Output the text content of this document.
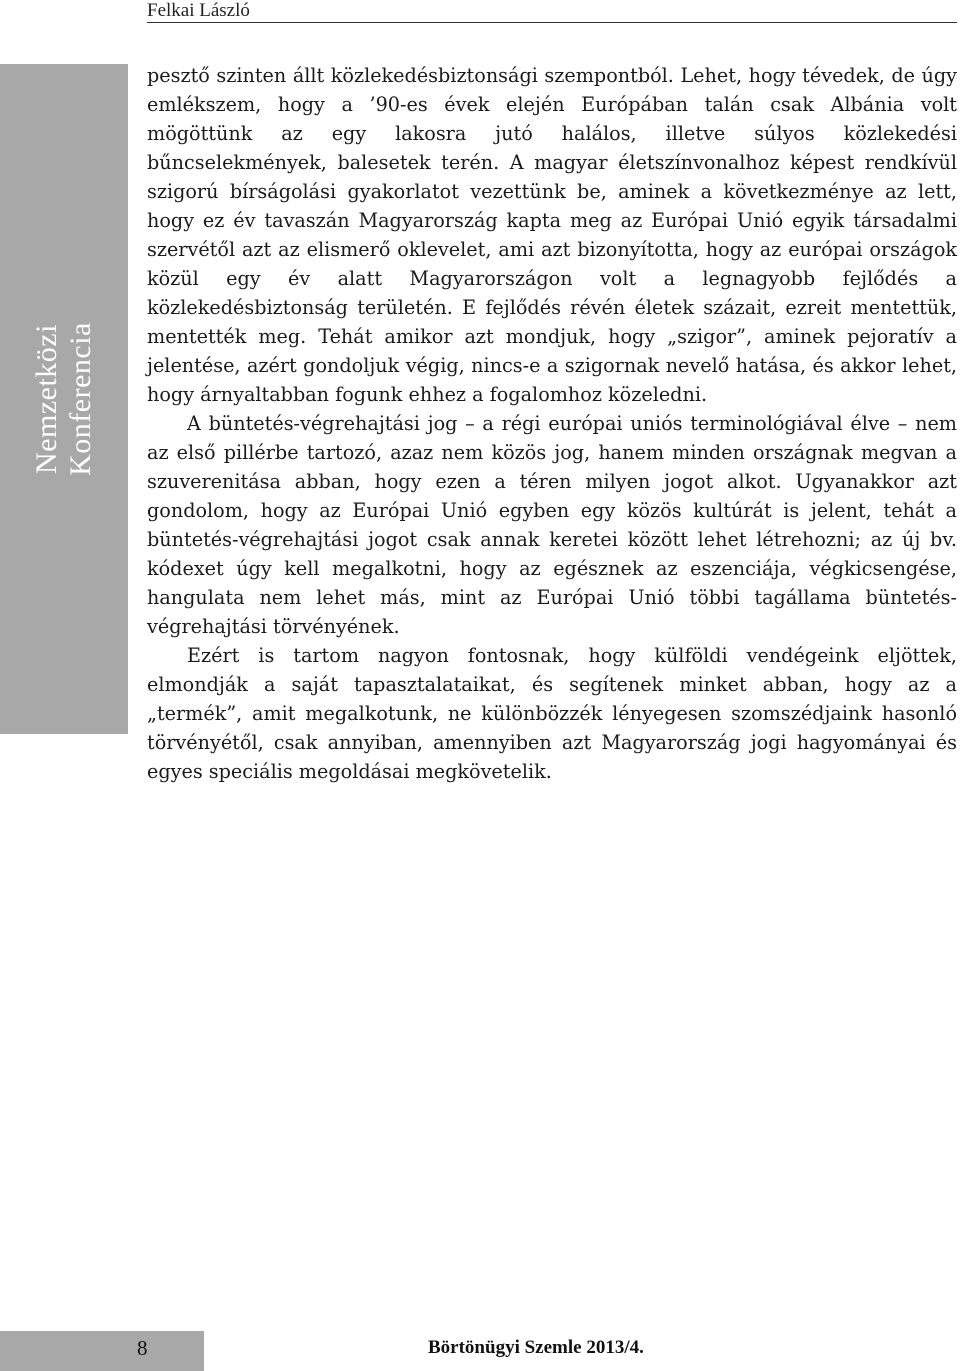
Felkai László
Nemzetközi Konferencia

pesztő szinten állt közlekedésbiztonsági szempontból. Lehet, hogy tévedek, de úgy emlékszem, hogy a ’90-es évek elején Európában talán csak Albánia volt mögöttünk az egy lakosra jutó halálos, illetve súlyos közlekedési bűncselekmények, balesetek terén. A magyar életszínvonalhoz képest rendkívül szigorú bírságolási gyakorlatot vezettünk be, aminek a következménye az lett, hogy ez év tavaszán Magyarország kapta meg az Európai Unió egyik társadalmi szervétől azt az elismerő oklevelet, ami azt bizonyította, hogy az európai országok közül egy év alatt Magyarországon volt a legnagyobb fejlődés a közlekedésbiztonság területén. E fejlődés révén életek százait, ezreit mentettük, mentették meg. Tehát amikor azt mondjuk, hogy „szigor”, aminek pejoratív a jelentése, azért gondoljuk végig, nincs-e a szigornak nevelő hatása, és akkor lehet, hogy árnyaltabban fogunk ehhez a fogalomhoz közeledni.

A büntetés-végrehajtási jog – a régi európai uniós terminológiával élve – nem az első pillérbe tartozó, azaz nem közös jog, hanem minden országnak megvan a szuverenitása abban, hogy ezen a téren milyen jogot alkot. Ugyanakkor azt gondolom, hogy az Európai Unió egyben egy közös kultúrát is jelent, tehát a büntetés-végrehajtási jogot csak annak keretei között lehet létrehozni; az új bv. kódexet úgy kell megalkotni, hogy az egésznek az eszenciája, végkicsengése, hangulata nem lehet más, mint az Európai Unió többi tagállama büntetés-végrehajtási törvényének.

Ezért is tartom nagyon fontosnak, hogy külföldi vendégeink eljöttek, elmondják a saját tapasztalataikat, és segítenek minket abban, hogy az a „termék”, amit megalkotunk, ne különbözzék lényegesen szomszédjaink hasonló törvényétől, csak annyiban, amennyiben azt Magyarország jogi hagyományai és egyes speciális megoldásai megkövetelik.

8	Börtönügyi Szemle 2013/4.
